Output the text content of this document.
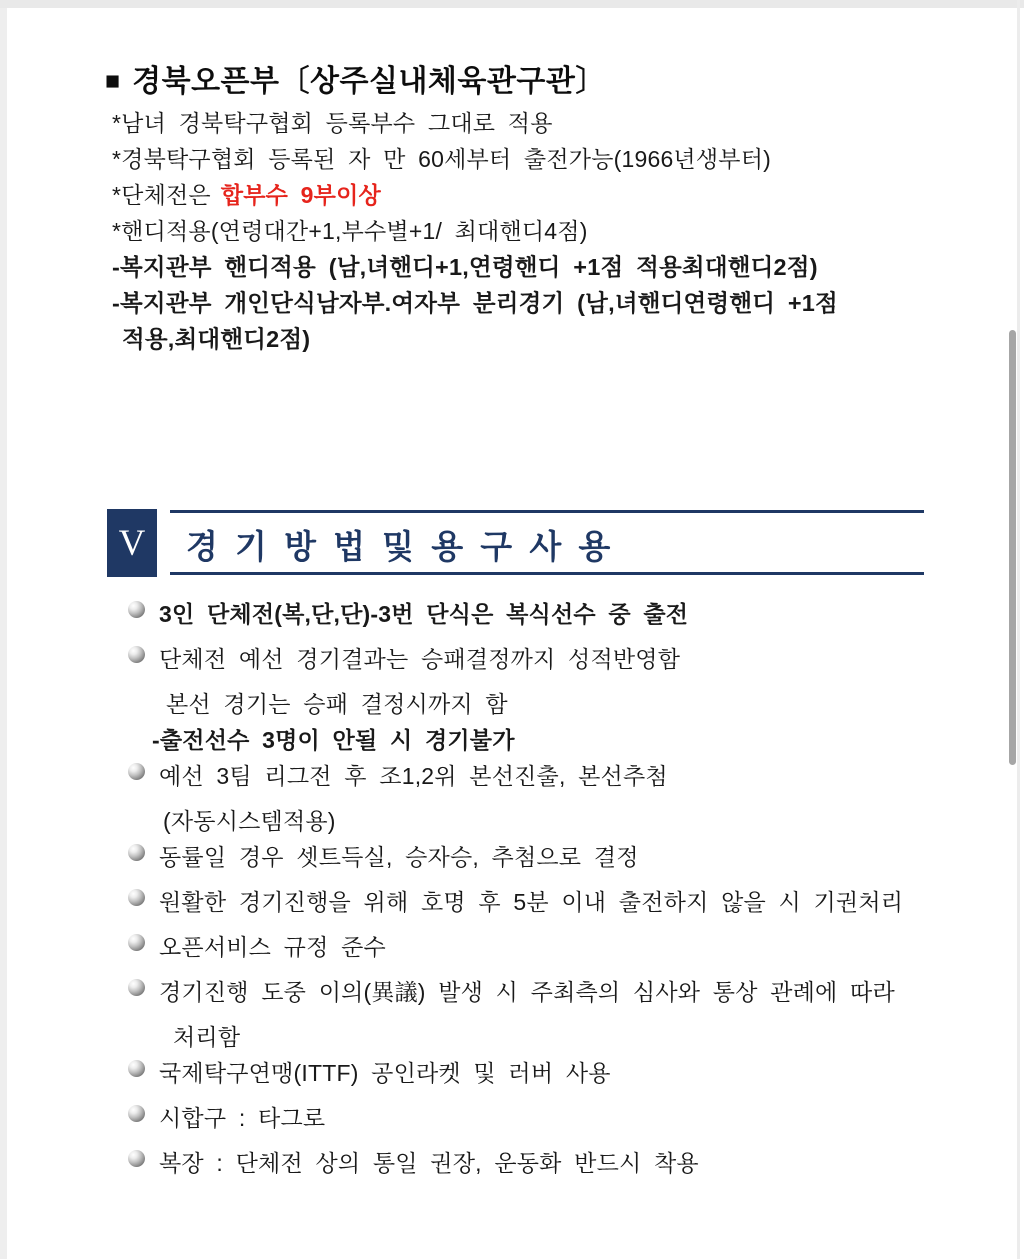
■ 경북오픈부〔상주실내체육관구관〕
*남녀 경북탁구협회 등록부수 그대로 적용
*경북탁구협회 등록된 자 만 60세부터 출전가능(1966년생부터)
*단체전은 합부수 9부이상
*핸디적용(연령대간+1,부수별+1/ 최대핸디4점)
-복지관부 핸디적용 (남,녀핸디+1,연령핸디 +1점 적용최대핸디2점)
-복지관부 개인단식남자부.여자부 분리경기 (남,녀핸디연령핸디 +1점
적용,최대핸디2점)
V 경 기 방 법 및 용 구 사 용
3인 단체전(복,단,단)-3번 단식은 복식선수 중 출전
단체전 예선 경기결과는 승패결정까지 성적반영함
본선 경기는 승패 결정시까지 함
-출전선수 3명이 안될 시 경기불가
예선 3팀 리그전 후 조1,2위 본선진출, 본선추첨
(자동시스템적용)
동률일 경우 셋트득실, 승자승, 추첨으로 결정
원활한 경기진행을 위해 호명 후 5분 이내 출전하지 않을 시 기권처리
오픈서비스 규정 준수
경기진행 도중 이의(異議) 발생 시 주최측의 심사와 통상 관례에 따라
처리함
국제탁구연맹(ITTF) 공인라켓 및 러버 사용
시합구 : 타그로
복장 : 단체전 상의 통일 권장, 운동화 반드시 착용
